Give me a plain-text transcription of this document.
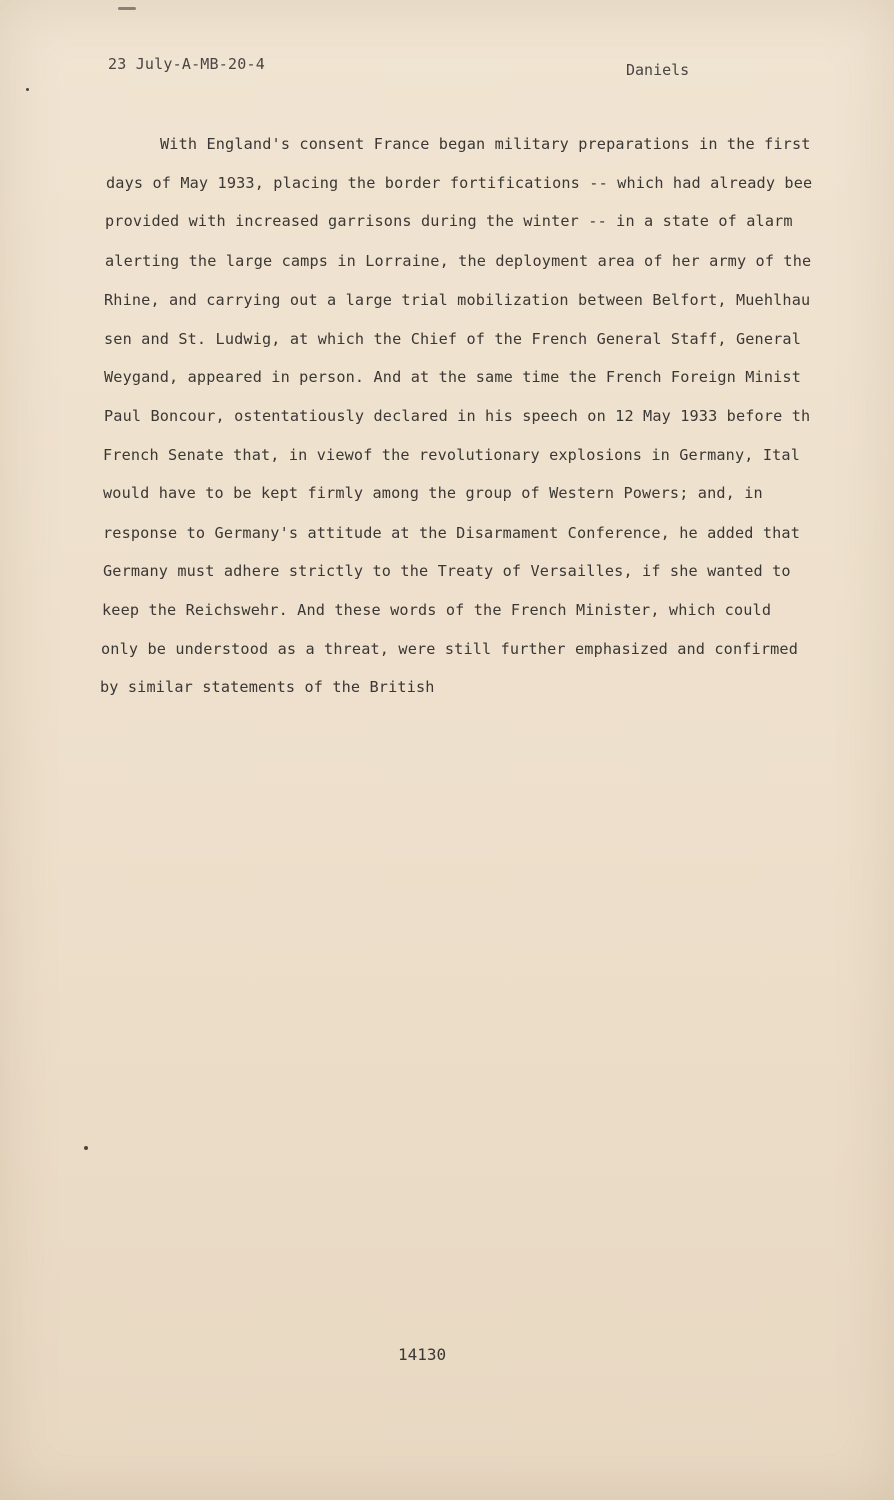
23 July-A-MB-20-4	Daniels
With England's consent France began military preparations in the first
days of May 1933, placing the border fortifications -- which had already bee
provided with increased garrisons during the winter -- in a state of alarm
alerting the large camps in Lorraine, the deployment area of her army of the
Rhine, and carrying out a large trial mobilization between Belfort, Muehlhau
sen and St. Ludwig, at which the Chief of the French General Staff, General
Weygand, appeared in person. And at the same time the French Foreign Minist
Paul Boncour, ostentatiously declared in his speech on 12 May 1933 before th
French Senate that, in viewof the revolutionary explosions in Germany, Ital
would have to be kept firmly among the group of Western Powers; and, in
response to Germany's attitude at the Disarmament Conference, he added that
Germany must adhere strictly to the Treaty of Versailles, if she wanted to
keep the Reichswehr. And these words of the French Minister, which could
only be understood as a threat, were still further emphasized and confirmed
by similar statements of the British
14130
